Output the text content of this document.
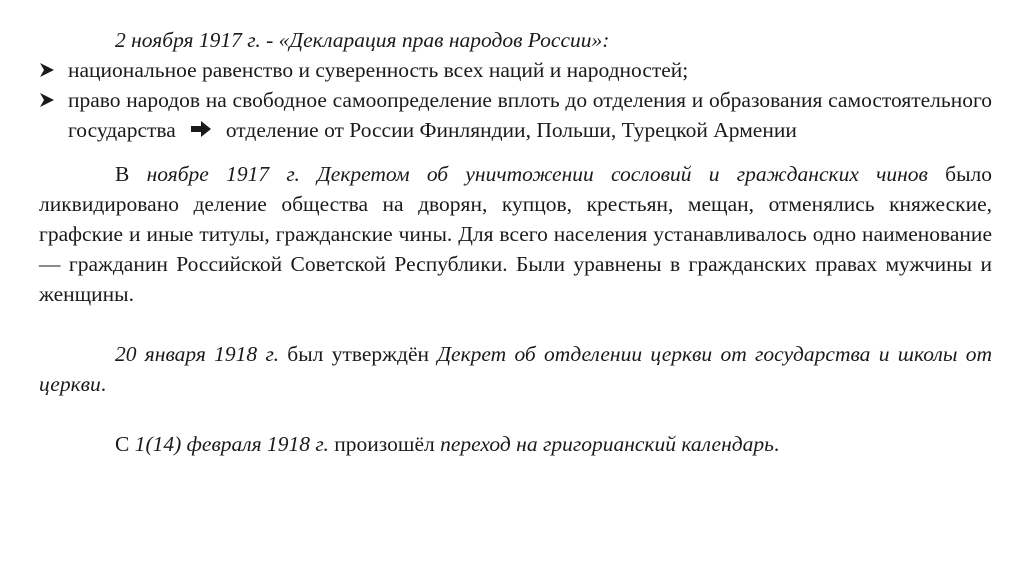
2 ноября 1917 г. - «Декларация прав народов России»:

национальное равенство и суверенность всех наций и народностей;
право народов на свободное самоопределение вплоть до отделения и образования самостоятельного государства отделение от России Финляндии, Польши, Турецкой Армении

В ноябре 1917 г. Декретом об уничтожении сословий и гражданских чинов было ликвидировано деление общества на дворян, купцов, крестьян, мещан, отменялись княжеские, графские и иные титулы, гражданские чины. Для всего населения устанавливалось одно наименование — гражданин Российской Советской Республики. Были уравнены в гражданских правах мужчины и женщины.

20 января 1918 г. был утверждён Декрет об отделении церкви от государства и школы от церкви.

С 1(14) февраля 1918 г. произошёл переход на григорианский календарь.
